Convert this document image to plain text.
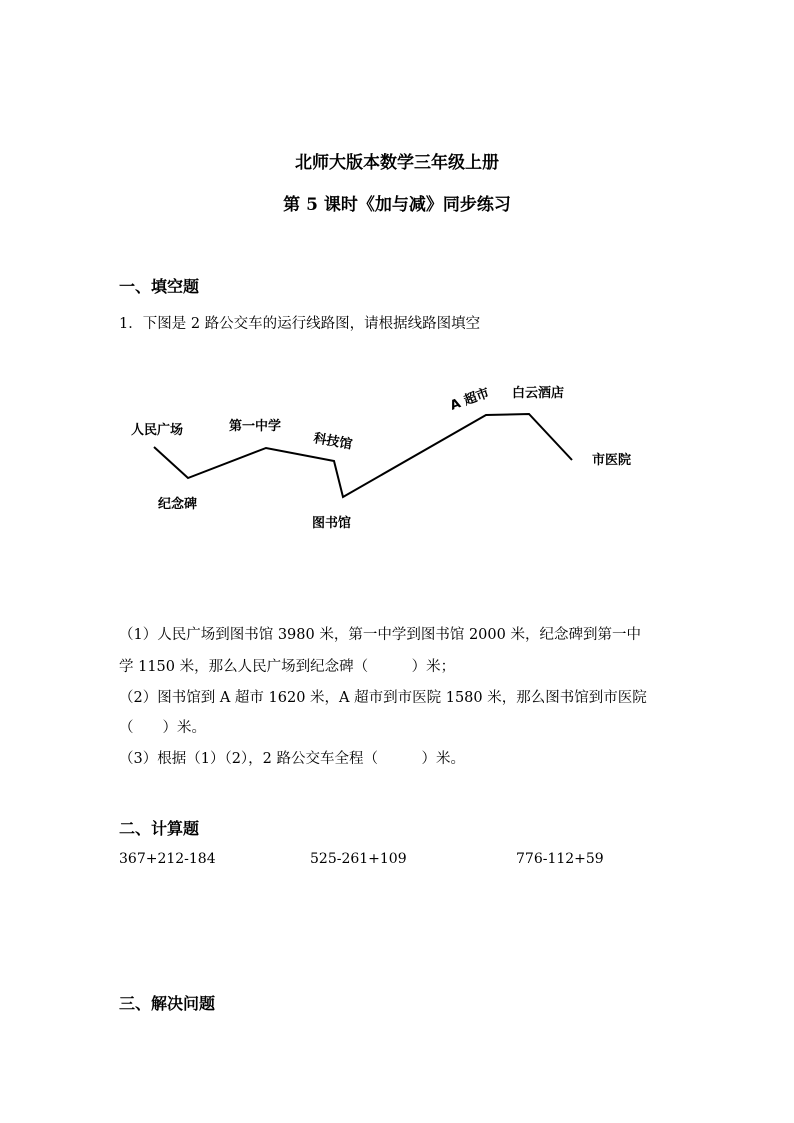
北师大版本数学三年级上册
第 5 课时《加与减》同步练习
一、填空题
1．下图是 2 路公交车的运行线路图，请根据线路图填空
人民广场	第一中学
科技馆
纪念碑
图书馆
A 超市 白云酒店
市医院
（1）人民广场到图书馆 3980 米，第一中学到图书馆 2000 米，纪念碑到第一中
学 1150 米，那么人民广场到纪念碑（　　　）米；
（2）图书馆到 A 超市 1620 米，A 超市到市医院 1580 米，那么图书馆到市医院
（　　）米。
（3）根据（1）（2），2 路公交车全程（　　　）米。
二、计算题
367+212-184	525-261+109	776-112+59
三、解决问题
